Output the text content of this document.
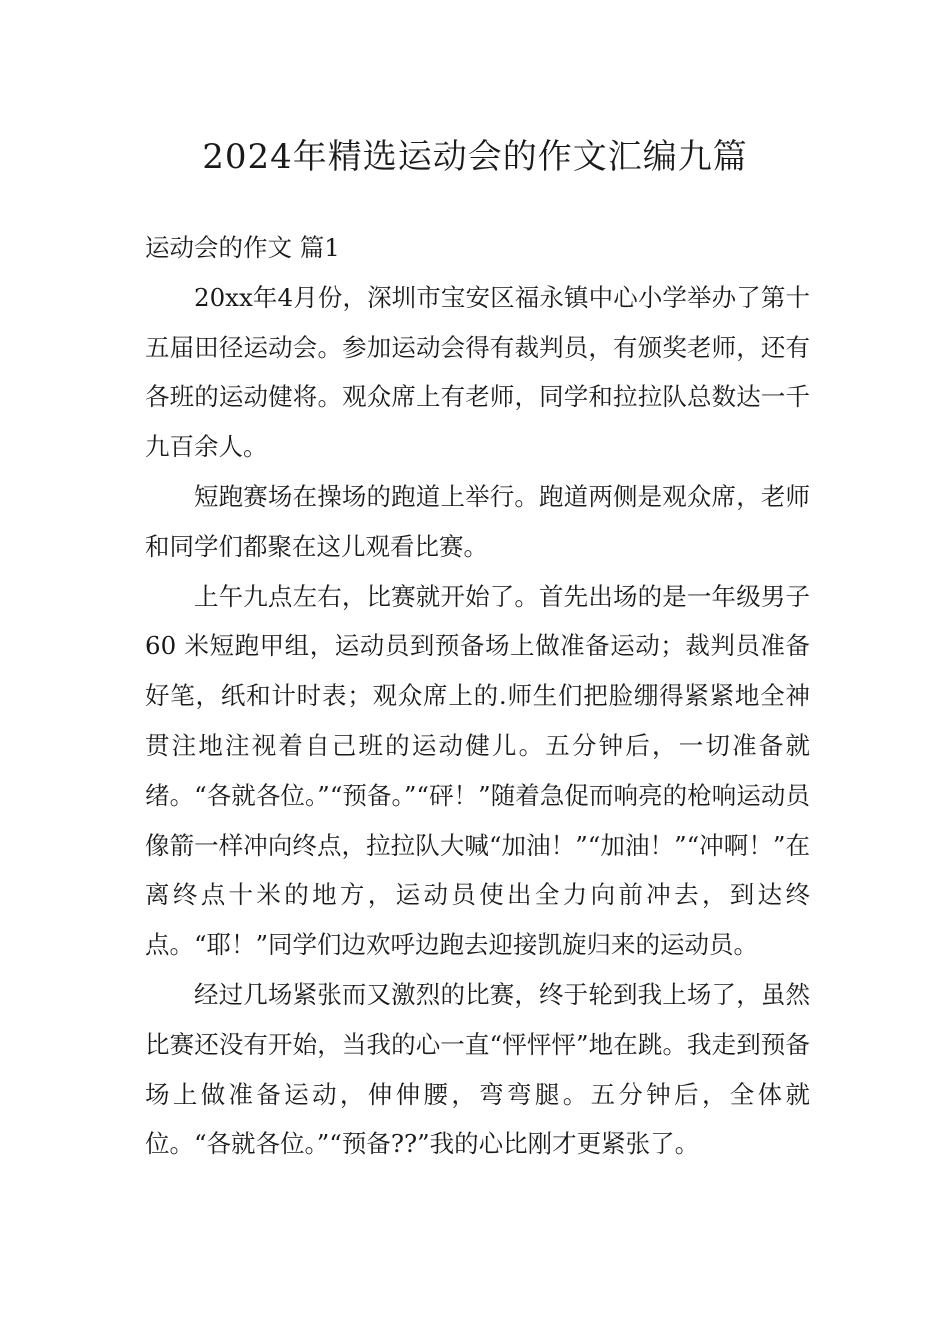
2024年精选运动会的作文汇编九篇
运动会的作文 篇1

20xx年4月份，深圳市宝安区福永镇中心小学举办了第十五届田径运动会。参加运动会得有裁判员，有颁奖老师，还有各班的运动健将。观众席上有老师，同学和拉拉队总数达一千九百余人。

短跑赛场在操场的跑道上举行。跑道两侧是观众席，老师和同学们都聚在这儿观看比赛。

上午九点左右，比赛就开始了。首先出场的是一年级男子 60 米短跑甲组，运动员到预备场上做准备运动；裁判员准备好笔，纸和计时表；观众席上的.师生们把脸绷得紧紧地全神贯注地注视着自己班的运动健儿。五分钟后，一切准备就绪。“各就各位。”“预备。”“砰！”随着急促而响亮的枪响运动员像箭一样冲向终点，拉拉队大喊“加油！”“加油！”“冲啊！”在离终点十米的地方，运动员使出全力向前冲去，到达终点。“耶！”同学们边欢呼边跑去迎接凯旋归来的运动员。

经过几场紧张而又激烈的比赛，终于轮到我上场了，虽然比赛还没有开始，当我的心一直“怦怦怦”地在跳。我走到预备场上做准备运动，伸伸腰，弯弯腿。五分钟后，全体就位。“各就各位。”“预备??”我的心比刚才更紧张了。
